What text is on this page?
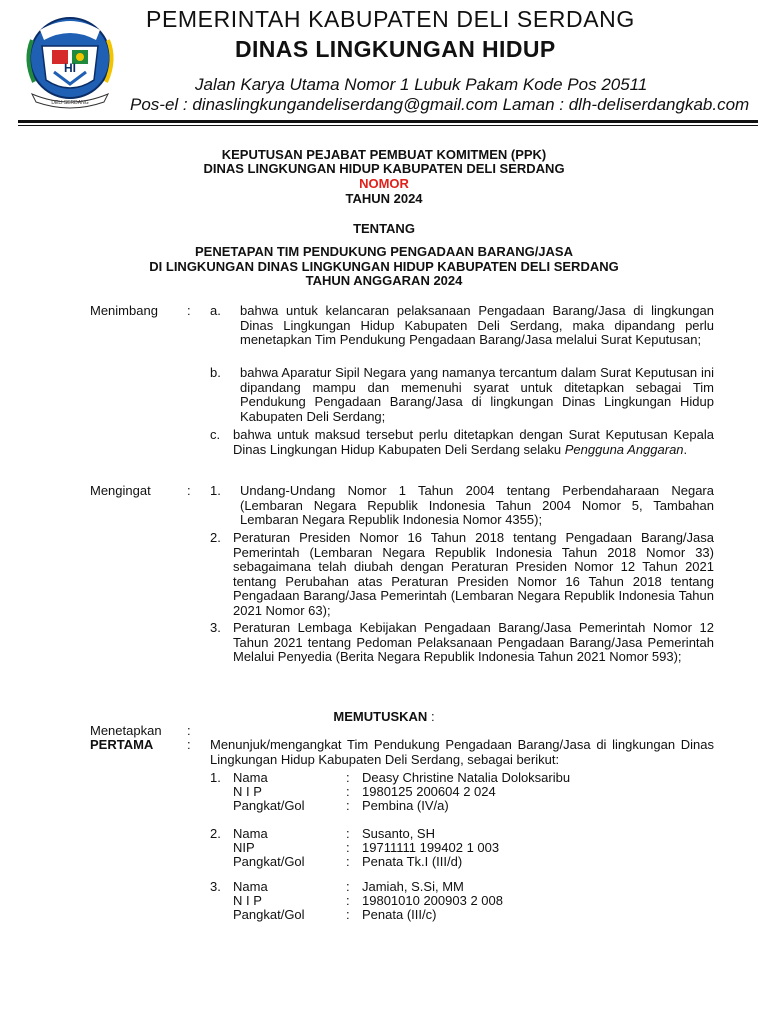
HI
DELI SERDANG
PEMERINTAH KABUPATEN DELI SERDANG
DINAS LINGKUNGAN HIDUP
Jalan Karya Utama Nomor 1 Lubuk Pakam Kode Pos 20511
Pos-el : dinaslingkungandeliserdang@gmail.com Laman : dlh-deliserdangkab.com
KEPUTUSAN PEJABAT PEMBUAT KOMITMEN (PPK)
DINAS LINGKUNGAN HIDUP KABUPATEN DELI SERDANG
NOMOR
TAHUN 2024
TENTANG
PENETAPAN TIM PENDUKUNG PENGADAAN BARANG/JASA
DI LINGKUNGAN DINAS LINGKUNGAN HIDUP KABUPATEN DELI SERDANG
TAHUN ANGGARAN 2024
Menimbang : a. bahwa untuk kelancaran pelaksanaan Pengadaan Barang/Jasa di lingkungan Dinas Lingkungan Hidup Kabupaten Deli Serdang, maka dipandang perlu menetapkan Tim Pendukung Pengadaan Barang/Jasa melalui Surat Keputusan;
b. bahwa Aparatur Sipil Negara yang namanya tercantum dalam Surat Keputusan ini dipandang mampu dan memenuhi syarat untuk ditetapkan sebagai Tim Pendukung Pengadaan Barang/Jasa di lingkungan Dinas Lingkungan Hidup Kabupaten Deli Serdang;
c. bahwa untuk maksud tersebut perlu ditetapkan dengan Surat Keputusan Kepala Dinas Lingkungan Hidup Kabupaten Deli Serdang selaku Pengguna Anggaran.
Mengingat	: 1. Undang-Undang Nomor 1 Tahun 2004 tentang Perbendaharaan Negara (Lembaran Negara Republik Indonesia Tahun 2004 Nomor 5, Tambahan Lembaran Negara Republik Indonesia Nomor 4355);
2. Peraturan Presiden Nomor 16 Tahun 2018 tentang Pengadaan Barang/Jasa Pemerintah (Lembaran Negara Republik Indonesia Tahun 2018 Nomor 33) sebagaimana telah diubah dengan Peraturan Presiden Nomor 12 Tahun 2021 tentang Perubahan atas Peraturan Presiden Nomor 16 Tahun 2018 tentang Pengadaan Barang/Jasa Pemerintah (Lembaran Negara Republik Indonesia Tahun 2021 Nomor 63);
3. Peraturan Lembaga Kebijakan Pengadaan Barang/Jasa Pemerintah Nomor 12 Tahun 2021 tentang Pedoman Pelaksanaan Pengadaan Barang/Jasa Pemerintah Melalui Penyedia (Berita Negara Republik Indonesia Tahun 2021 Nomor 593);
MEMUTUSKAN :
Menetapkan :
PERTAMA	: Menunjuk/mengangkat Tim Pendukung Pengadaan Barang/Jasa di lingkungan Dinas Lingkungan Hidup Kabupaten Deli Serdang, sebagai berikut:
1. Nama
N I P
Pangkat/Gol
:
:
:
Deasy Christine Natalia Doloksaribu
1980125 200604 2 024
Pembina (IV/a)
2. Nama
NIP
Pangkat/Gol
:
:
:
Susanto, SH
19711111 199402 1 003
Penata Tk.I (III/d)
3. Nama
N I P
Pangkat/Gol
:
:
:
Jamiah, S.Si, MM
19801010 200903 2 008
Penata (III/c)
